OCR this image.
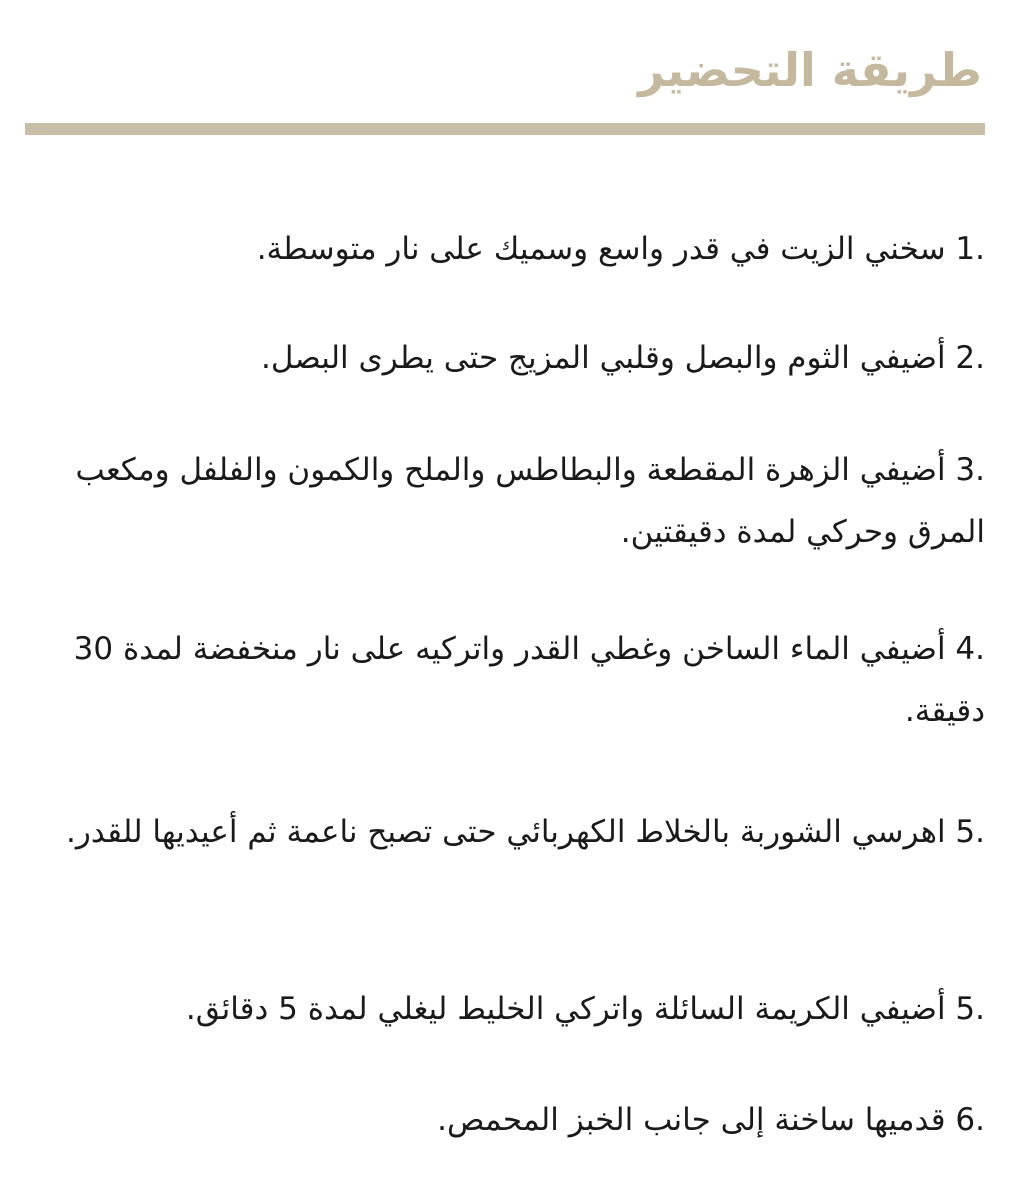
طريقة التحضير
1. سخني الزيت في قدر واسع وسميك على نار متوسطة.
2. أضيفي الثوم والبصل وقلبي المزيج حتى يطرى البصل.
3. أضيفي الزهرة المقطعة والبطاطس والملح والكمون والفلفل ومكعب المرق وحركي لمدة دقيقتين.
4. أضيفي الماء الساخن وغطي القدر واتركيه على نار منخفضة لمدة 30 دقيقة.
5. اهرسي الشوربة بالخلاط الكهربائي حتى تصبح ناعمة ثم أعيديها للقدر.
5. أضيفي الكريمة السائلة واتركي الخليط ليغلي لمدة 5 دقائق.
6. قدميها ساخنة إلى جانب الخبز المحمص.
